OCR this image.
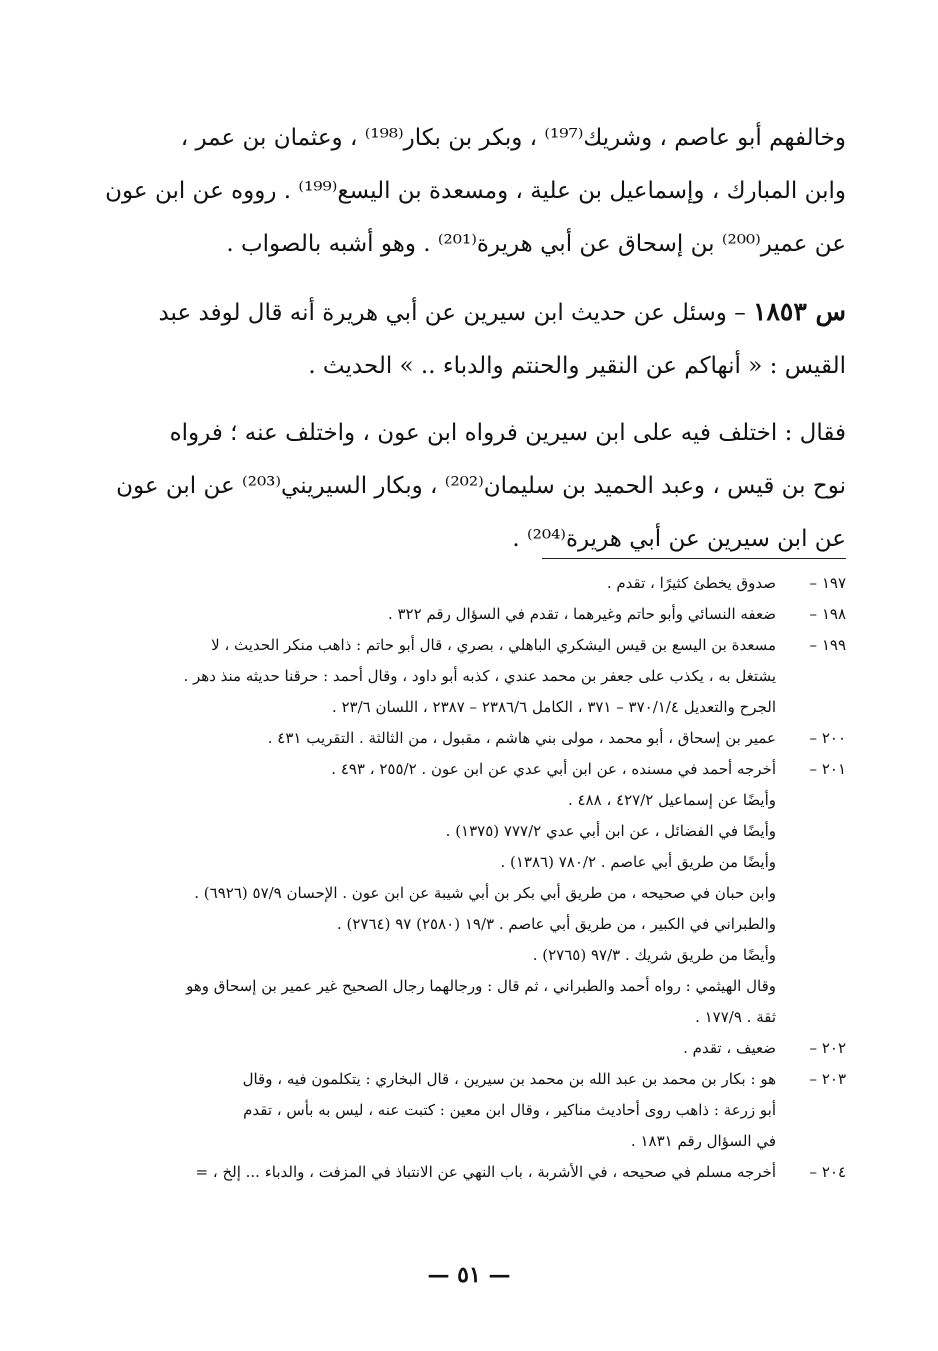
وخالفهم أبو عاصم ، وشريك⁽¹⁹⁷⁾ ، وبكر بن بكار⁽¹⁹⁸⁾ ، وعثمان بن عمر ،

وابن المبارك ، وإسماعيل بن علية ، ومسعدة بن اليسع⁽¹⁹⁹⁾ . رووه عن ابن عون

عن عمير⁽²⁰⁰⁾ بن إسحاق عن أبي هريرة⁽²⁰¹⁾ . وهو أشبه بالصواب .

س ١٨٥٣ – وسئل عن حديث ابن سيرين عن أبي هريرة أنه قال لوفد عبد

القيس : « أنهاكم عن النقير والحنتم والدباء .. » الحديث .

فقال : اختلف فيه على ابن سيرين فرواه ابن عون ، واختلف عنه ؛ فرواه

نوح بن قيس ، وعبد الحميد بن سليمان⁽²⁰²⁾ ، وبكار السيريني⁽²⁰³⁾ عن ابن عون

عن ابن سيرين عن أبي هريرة⁽²⁰⁴⁾ .

١٩٧ –
صدوق يخطئ كثيرًا ، تقدم .
١٩٨ –
ضعفه النسائي وأبو حاتم وغيرهما ، تقدم في السؤال رقم ٣٢٢ .
١٩٩ –
مسعدة بن اليسع بن قيس اليشكري الباهلي ، بصري ، قال أبو حاتم : ذاهب منكر الحديث ، لا
يشتغل به ، يكذب على جعفر بن محمد عندي ، كذبه أبو داود ، وقال أحمد : حرقنا حديثه منذ دهر .
الجرح والتعديل ٣٧٠/١/٤ – ٣٧١ ، الكامل ٢٣٨٦/٦ – ٢٣٨٧ ، اللسان ٢٣/٦ .
٢٠٠ –
عمير بن إسحاق ، أبو محمد ، مولى بني هاشم ، مقبول ، من الثالثة . التقريب ٤٣١ .
٢٠١ –
أخرجه أحمد في مسنده ، عن ابن أبي عدي عن ابن عون . ٢٥٥/٢ ، ٤٩٣ .
وأيضًا عن إسماعيل ٤٢٧/٢ ، ٤٨٨ .
وأيضًا في الفضائل ، عن ابن أبي عدي ٧٧٧/٢ (١٣٧٥) .
وأيضًا من طريق أبي عاصم . ٧٨٠/٢ (١٣٨٦) .
وابن حبان في صحيحه ، من طريق أبي بكر بن أبي شيبة عن ابن عون . الإحسان ٥٧/٩ (٦٩٢٦) .
والطبراني في الكبير ، من طريق أبي عاصم . ١٩/٣ (٢٥٨٠) ٩٧ (٢٧٦٤) .
وأيضًا من طريق شريك . ٩٧/٣ (٢٧٦٥) .
وقال الهيثمي : رواه أحمد والطبراني ، ثم قال : ورجالهما رجال الصحيح غير عمير بن إسحاق وهو
ثقة . ١٧٧/٩ .
٢٠٢ –
ضعيف ، تقدم .
٢٠٣ –
هو : بكار بن محمد بن عبد الله بن محمد بن سيرين ، قال البخاري : يتكلمون فيه ، وقال
أبو زرعة : ذاهب روى أحاديث مناكير ، وقال ابن معين : كتبت عنه ، ليس به بأس ، تقدم
في السؤال رقم ١٨٣١ .
٢٠٤ –
أخرجه مسلم في صحيحه ، في الأشربة ، باب النهي عن الانتباذ في المزفت ، والدباء ... إلخ ، =
— ٥١ —
